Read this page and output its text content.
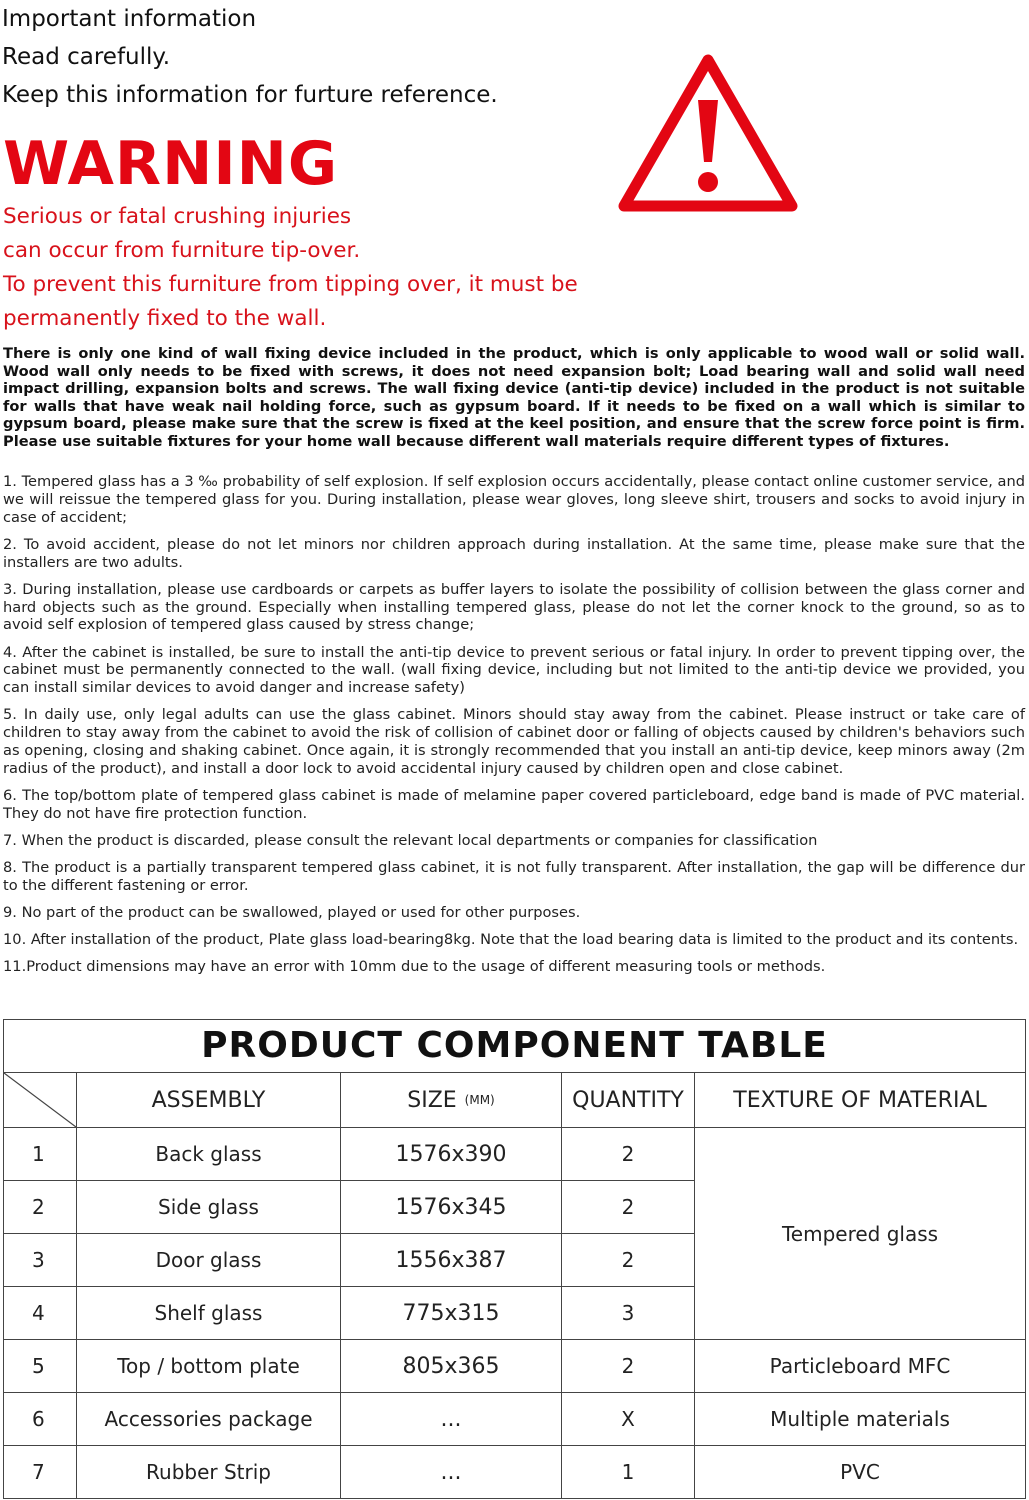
Important information
Read carefully.
Keep this information for furture reference.
WARNING
Serious or fatal crushing injuries
can occur from furniture tip-over.
To prevent this furniture from tipping over, it must be
permanently fixed to the wall.
There is only one kind of wall fixing device included in the product, which is only applicable to wood wall or solid wall. Wood wall only needs to be fixed with screws, it does not need expansion bolt; Load bearing wall and solid wall need impact drilling, expansion bolts and screws. The wall fixing device (anti-tip device) included in the product is not suitable for walls that have weak nail holding force, such as gypsum board. If it needs to be fixed on a wall which is similar to gypsum board, please make sure that the screw is fixed at the keel position, and ensure that the screw force point is firm. Please use suitable fixtures for your home wall because different wall materials require different types of fixtures.
1. Tempered glass has a 3 ‰ probability of self explosion. If self explosion occurs accidentally, please contact online customer service, and we will reissue the tempered glass for you. During installation, please wear gloves, long sleeve shirt, trousers and socks to avoid injury in case of accident;
2. To avoid accident, please do not let minors nor children approach during installation. At the same time, please make sure that the installers are two adults.
3. During installation, please use cardboards or carpets as buffer layers to isolate the possibility of collision between the glass corner and hard objects such as the ground. Especially when installing tempered glass, please do not let the corner knock to the ground, so as to avoid self explosion of tempered glass caused by stress change;
4. After the cabinet is installed, be sure to install the anti-tip device to prevent serious or fatal injury. In order to prevent tipping over, the cabinet must be permanently connected to the wall. (wall fixing device, including but not limited to the anti-tip device we provided, you can install similar devices to avoid danger and increase safety)
5. In daily use, only legal adults can use the glass cabinet. Minors should stay away from the cabinet. Please instruct or take care of children to stay away from the cabinet to avoid the risk of collision of cabinet door or falling of objects caused by children's behaviors such as opening, closing and shaking cabinet. Once again, it is strongly recommended that you install an anti-tip device, keep minors away (2m radius of the product), and install a door lock to avoid accidental injury caused by children open and close cabinet.
6. The top/bottom plate of tempered glass cabinet is made of melamine paper covered particleboard, edge band is made of PVC material. They do not have fire protection function.
7. When the product is discarded, please consult the relevant local departments or companies for classification
8. The product is a partially transparent tempered glass cabinet, it is not fully transparent. After installation, the gap will be difference dur to the different fastening or error.
9. No part of the product can be swallowed, played or used for other purposes.
10. After installation of the product, Plate glass load-bearing8kg. Note that the load bearing data is limited to the product and its contents.
11.Product dimensions may have an error with 10mm due to the usage of different measuring tools or methods.
PRODUCT COMPONENT TABLE				

	ASSEMBLY	SIZE (MM)	QUANTITY	TEXTURE OF MATERIAL
1	Back glass	1576x390	2	Tempered glass
2	Side glass	1576x345	2	
3	Door glass	1556x387	2	
4	Shelf glass	775x315	3	
5	Top / bottom plate	805x365	2	Particleboard MFC
6	Accessories package	...	X	Multiple materials
7	Rubber Strip	...	1	PVC
